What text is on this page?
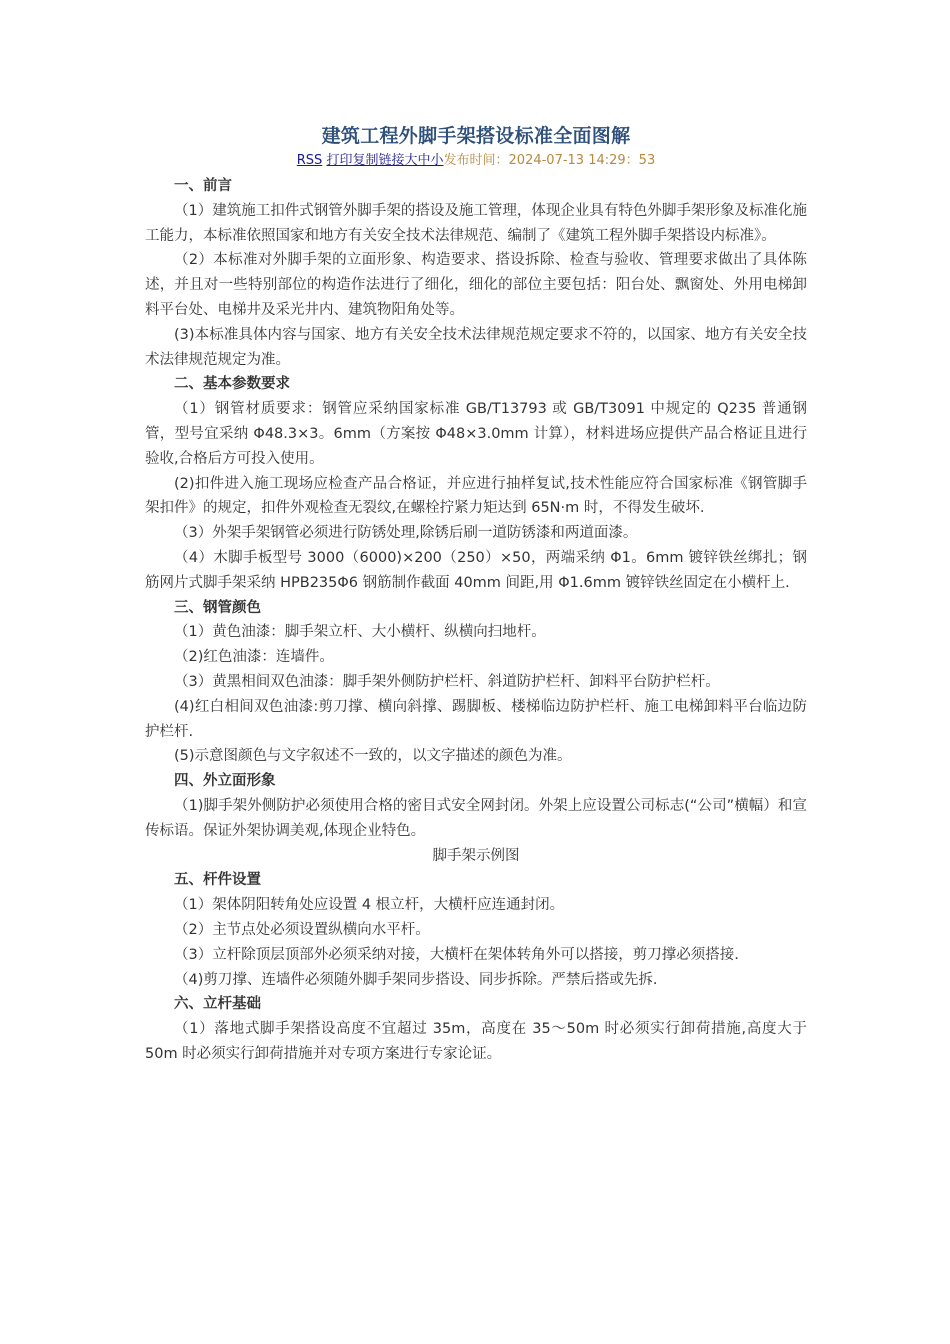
建筑工程外脚手架搭设标准全面图解
RSS 打印复制链接大中小发布时间：2024-07-13 14:29：53

一、前言

（1）建筑施工扣件式钢管外脚手架的搭设及施工管理，体现企业具有特色外脚手架形象及标准化施工能力，本标准依照国家和地方有关安全技术法律规范、编制了《建筑工程外脚手架搭设内标准》。

（2）本标准对外脚手架的立面形象、构造要求、搭设拆除、检查与验收、管理要求做出了具体陈述，并且对一些特别部位的构造作法进行了细化，细化的部位主要包括：阳台处、飘窗处、外用电梯卸料平台处、电梯井及采光井内、建筑物阳角处等。

(3)本标准具体内容与国家、地方有关安全技术法律规范规定要求不符的，以国家、地方有关安全技术法律规范规定为准。

二、基本参数要求

（1）钢管材质要求：钢管应采纳国家标准 GB/T13793 或 GB/T3091 中规定的 Q235 普通钢管，型号宜采纳 Φ48.3×3。6mm（方案按 Φ48×3.0mm 计算），材料进场应提供产品合格证且进行验收,合格后方可投入使用。

(2)扣件进入施工现场应检查产品合格证，并应进行抽样复试,技术性能应符合国家标准《钢管脚手架扣件》的规定，扣件外观检查无裂纹,在螺栓拧紧力矩达到 65N·m 时，不得发生破坏.

（3）外架手架钢管必须进行防锈处理,除锈后刷一道防锈漆和两道面漆。

（4）木脚手板型号 3000（6000)×200（250）×50，两端采纳 Φ1。6mm 镀锌铁丝绑扎；钢筋网片式脚手架采纳 HPB235Φ6 钢筋制作截面 40mm 间距,用 Φ1.6mm 镀锌铁丝固定在小横杆上.

三、钢管颜色

（1）黄色油漆：脚手架立杆、大小横杆、纵横向扫地杆。

（2)红色油漆：连墙件。

（3）黄黑相间双色油漆：脚手架外侧防护栏杆、斜道防护栏杆、卸料平台防护栏杆。

(4)红白相间双色油漆:剪刀撑、横向斜撑、踢脚板、楼梯临边防护栏杆、施工电梯卸料平台临边防护栏杆.

(5)示意图颜色与文字叙述不一致的，以文字描述的颜色为准。

四、外立面形象

（1)脚手架外侧防护必须使用合格的密目式安全网封闭。外架上应设置公司标志(“公司”横幅）和宣传标语。保证外架协调美观,体现企业特色。

脚手架示例图

五、杆件设置

（1）架体阴阳转角处应设置 4 根立杆，大横杆应连通封闭。

（2）主节点处必须设置纵横向水平杆。

（3）立杆除顶层顶部外必须采纳对接，大横杆在架体转角外可以搭接，剪刀撑必须搭接.

（4)剪刀撑、连墙件必须随外脚手架同步搭设、同步拆除。严禁后搭或先拆.

六、立杆基础

（1）落地式脚手架搭设高度不宜超过 35m，高度在 35～50m 时必须实行卸荷措施,高度大于 50m 时必须实行卸荷措施并对专项方案进行专家论证。
